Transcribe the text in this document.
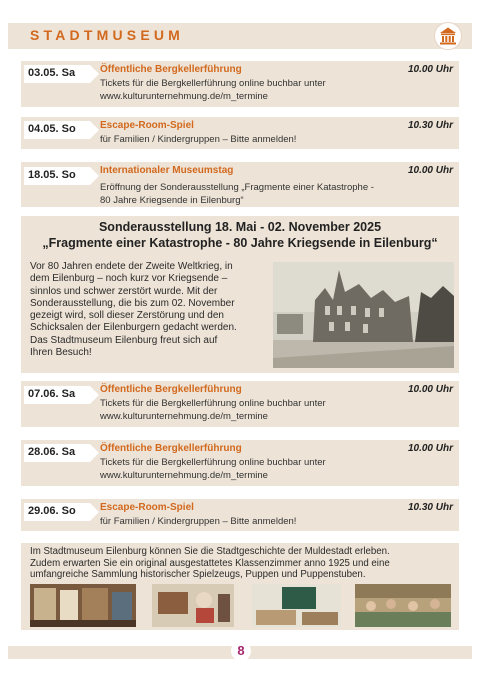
STADTMUSEUM
03.05. Sa Öffentliche Bergkellerführung	10.00 Uhr
Tickets für die Bergkellerführung online buchbar unter
www.kulturunternehmung.de/m_termine
04.05. So Escape-Room-Spiel	10.30 Uhr
für Familien / Kindergruppen – Bitte anmelden!
18.05. So Internationaler Museumstag	10.00 Uhr
Eröffnung der Sonderausstellung „Fragmente einer Katastrophe -
80 Jahre Kriegsende in Eilenburg“
Sonderausstellung 18. Mai - 02. November 2025
„Fragmente einer Katastrophe - 80 Jahre Kriegsende in Eilenburg“
Vor 80 Jahren endete der Zweite Weltkrieg, in
dem Eilenburg – noch kurz vor Kriegsende –
sinnlos und schwer zerstört wurde. Mit der
Sonderausstellung, die bis zum 02. November
gezeigt wird, soll dieser Zerstörung und den
Schicksalen der Eilenburgern gedacht werden.
Das Stadtmuseum Eilenburg freut sich auf
Ihren Besuch!
07.06. Sa Öffentliche Bergkellerführung	10.00 Uhr
Tickets für die Bergkellerführung online buchbar unter
www.kulturunternehmung.de/m_termine
28.06. Sa Öffentliche Bergkellerführung	10.00 Uhr
Tickets für die Bergkellerführung online buchbar unter
www.kulturunternehmung.de/m_termine
29.06. So Escape-Room-Spiel	10.30 Uhr
für Familien / Kindergruppen – Bitte anmelden!
Im Stadtmuseum Eilenburg können Sie die Stadtgeschichte der Muldestadt erleben.
Zudem erwarten Sie ein original ausgestattetes Klassenzimmer anno 1925 und eine
umfangreiche Sammlung historischer Spielzeugs, Puppen und Puppenstuben.
8
